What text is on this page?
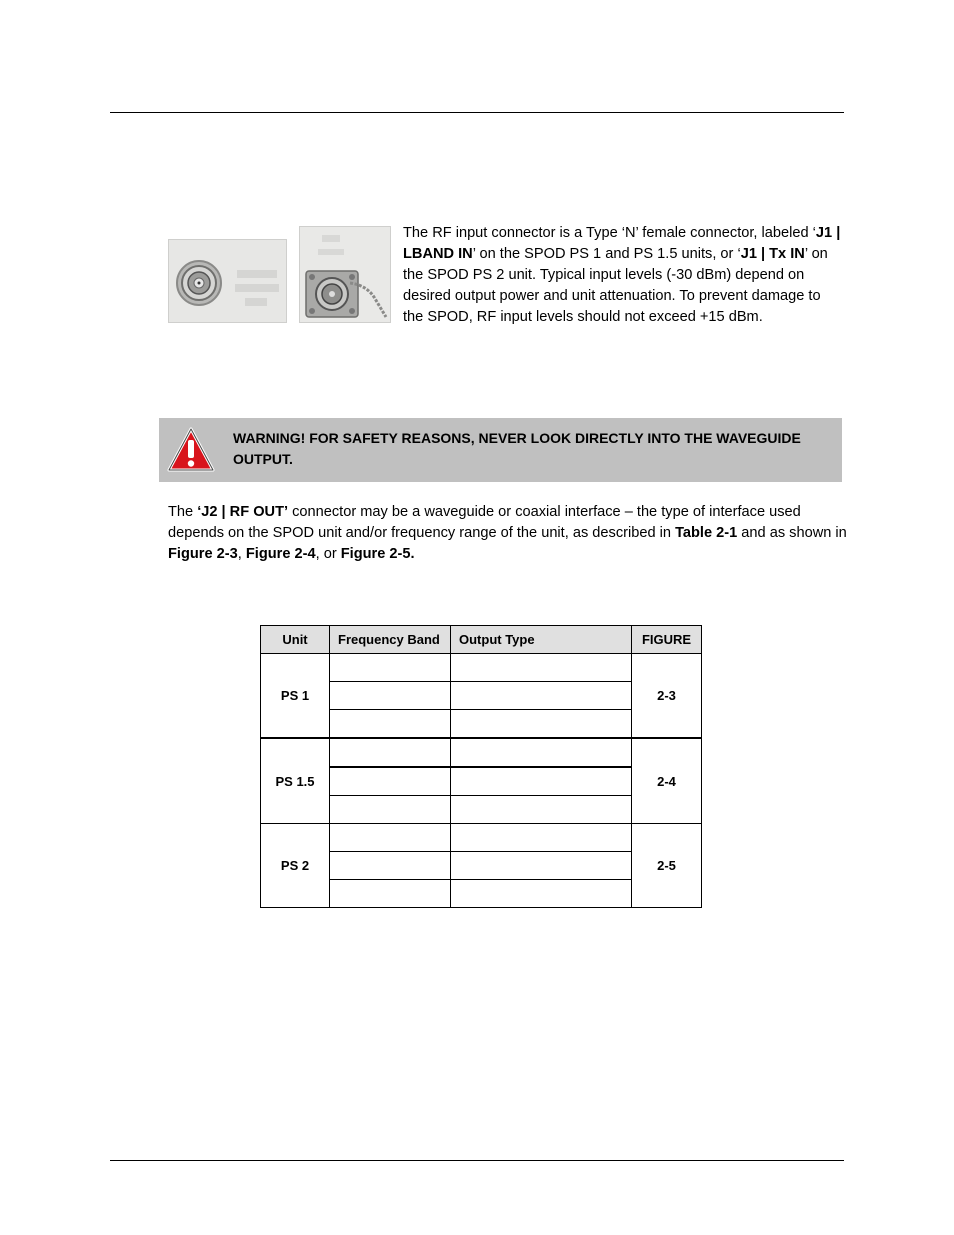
The RF input connector is a Type ‘N’ female connector, labeled ‘J1 | LBAND IN’ on the SPOD PS 1 and PS 1.5 units, or ‘J1 | Tx IN’ on the SPOD PS 2 unit. Typical input levels (-30 dBm) depend on desired output power and unit attenuation. To prevent damage to the SPOD, RF input levels should not exceed +15 dBm.

WARNING! FOR SAFETY REASONS, NEVER LOOK DIRECTLY INTO THE WAVEGUIDE OUTPUT.

The ‘J2 | RF OUT’ connector may be a waveguide or coaxial interface – the type of interface used depends on the SPOD unit and/or frequency range of the unit, as described in Table 2-1 and as shown in Figure 2-3, Figure 2-4, or Figure 2-5.

Unit	Frequency Band	Output Type	FIGURE
PS 1			2-3

PS 1.5			2-4

PS 2			2-5
